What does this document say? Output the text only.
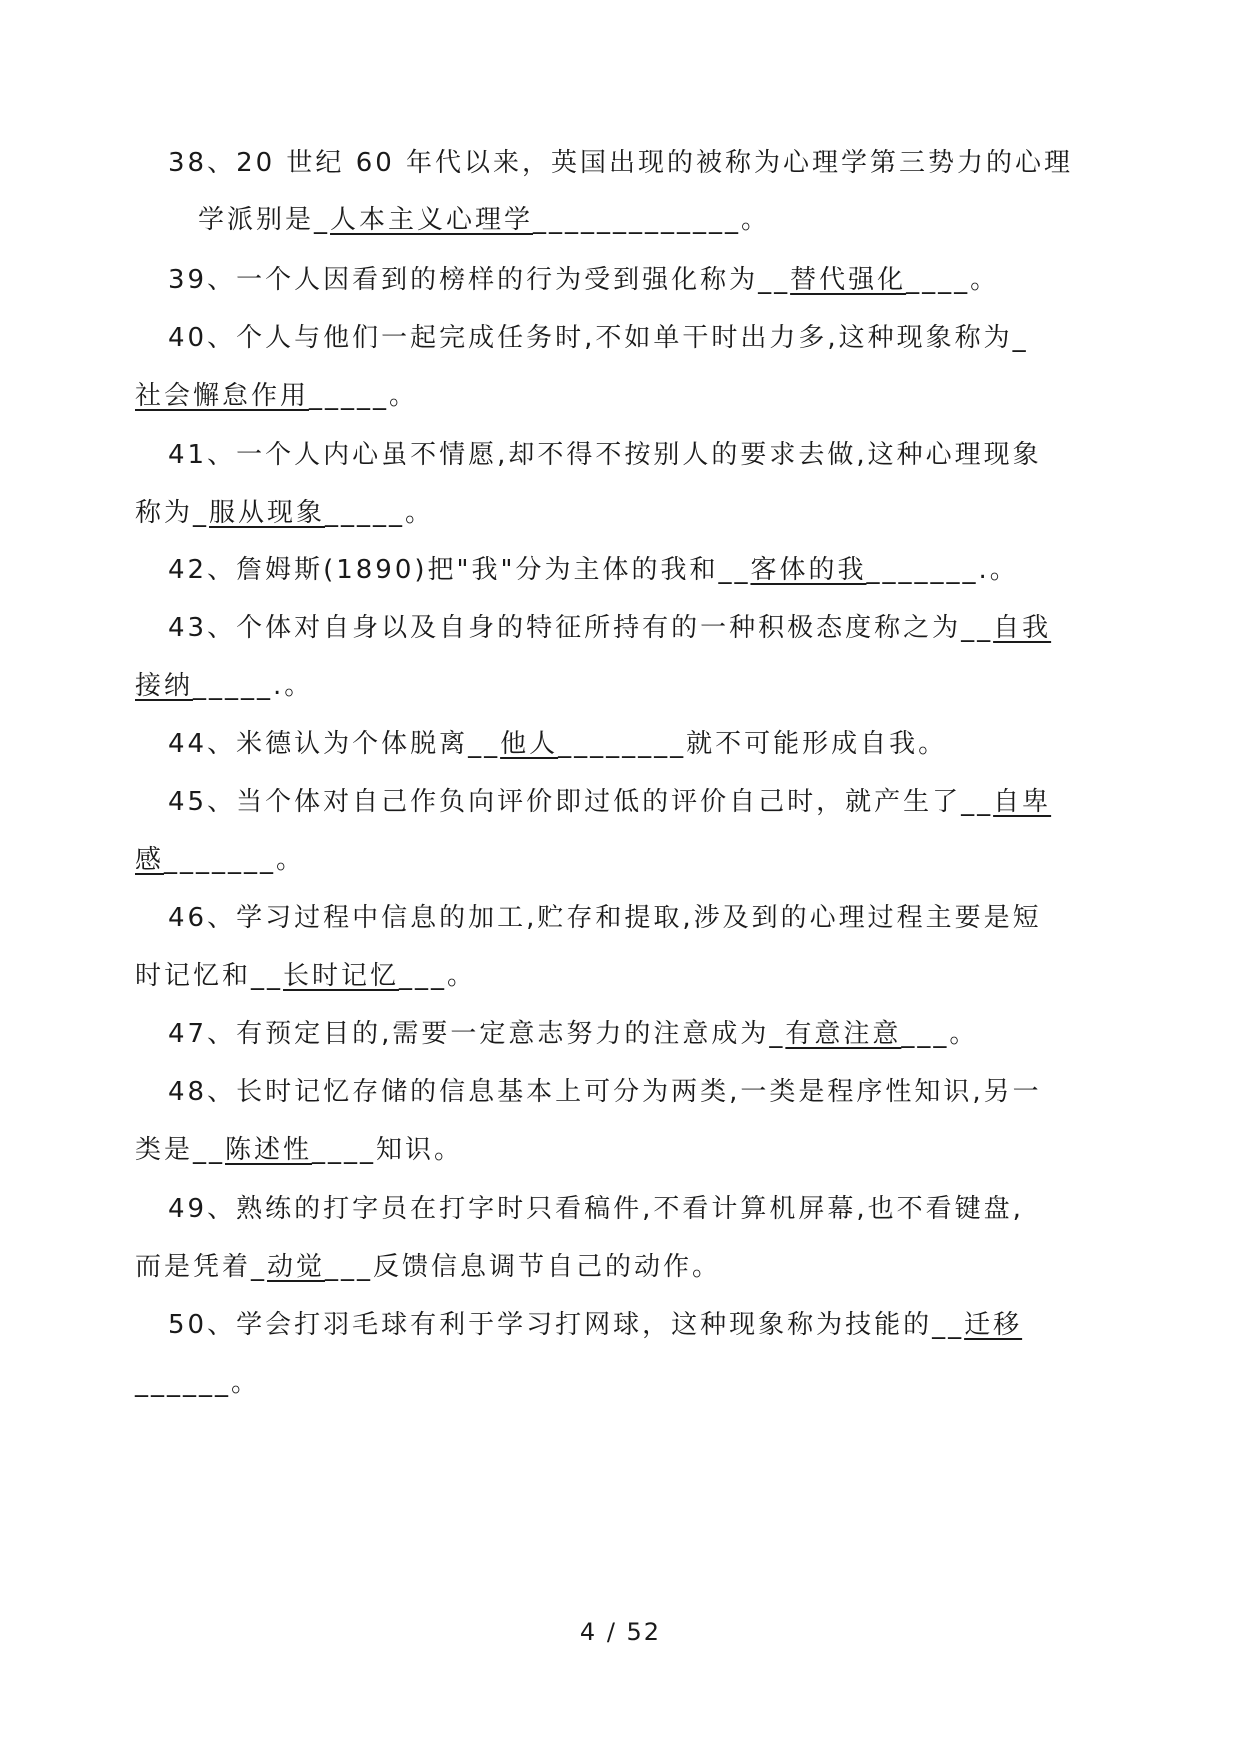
38、20 世纪 60 年代以来，英国出现的被称为心理学第三势力的心理
学派别是_人本主义心理学_____________。
39、一个人因看到的榜样的行为受到强化称为__替代强化____。
40、个人与他们一起完成任务时,不如单干时出力多,这种现象称为_
社会懈怠作用_____。
41、一个人内心虽不情愿,却不得不按别人的要求去做,这种心理现象
称为_服从现象_____。
42、詹姆斯(1890)把"我"分为主体的我和__客体的我_______.。
43、个体对自身以及自身的特征所持有的一种积极态度称之为__自我
接纳_____.。
44、米德认为个体脱离__他人________就不可能形成自我。
45、当个体对自己作负向评价即过低的评价自己时，就产生了__自卑
感_______。
46、学习过程中信息的加工,贮存和提取,涉及到的心理过程主要是短
时记忆和__长时记忆___。
47、有预定目的,需要一定意志努力的注意成为_有意注意___。
48、长时记忆存储的信息基本上可分为两类,一类是程序性知识,另一
类是__陈述性____知识。
49、熟练的打字员在打字时只看稿件,不看计算机屏幕,也不看键盘,
而是凭着_动觉___反馈信息调节自己的动作。
50、学会打羽毛球有利于学习打网球，这种现象称为技能的__迁移
______。
4 / 52
